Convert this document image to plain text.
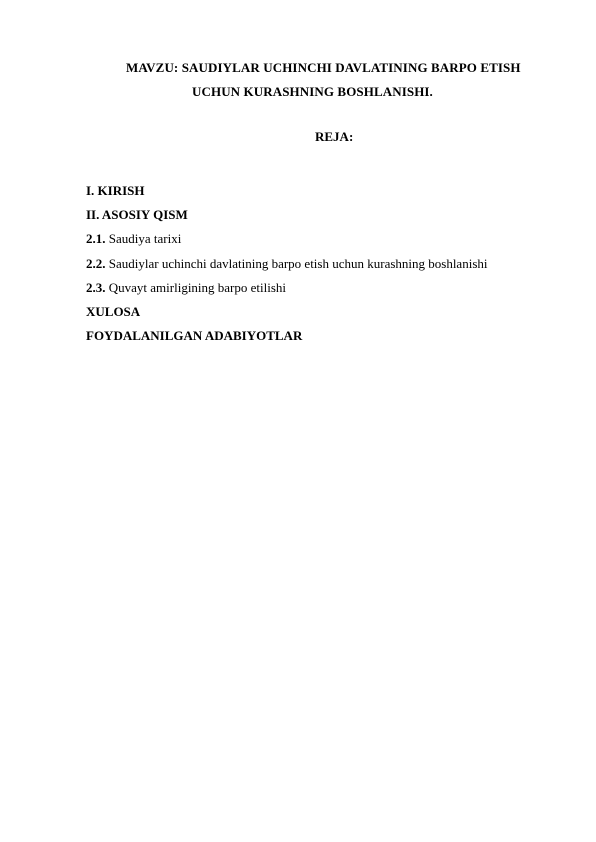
MAVZU: SAUDIYLAR UCHINCHI DAVLATINING BARPO ETISH
UCHUN KURASHNING BOSHLANISHI.
REJA:
I. KIRISH
II. ASOSIY QISM
2.1. Saudiya tarixi
2.2. Saudiylar uchinchi davlatining barpo etish uchun kurashning boshlanishi
2.3. Quvayt amirligining barpo etilishi
XULOSA
FOYDALANILGAN ADABIYOTLAR
